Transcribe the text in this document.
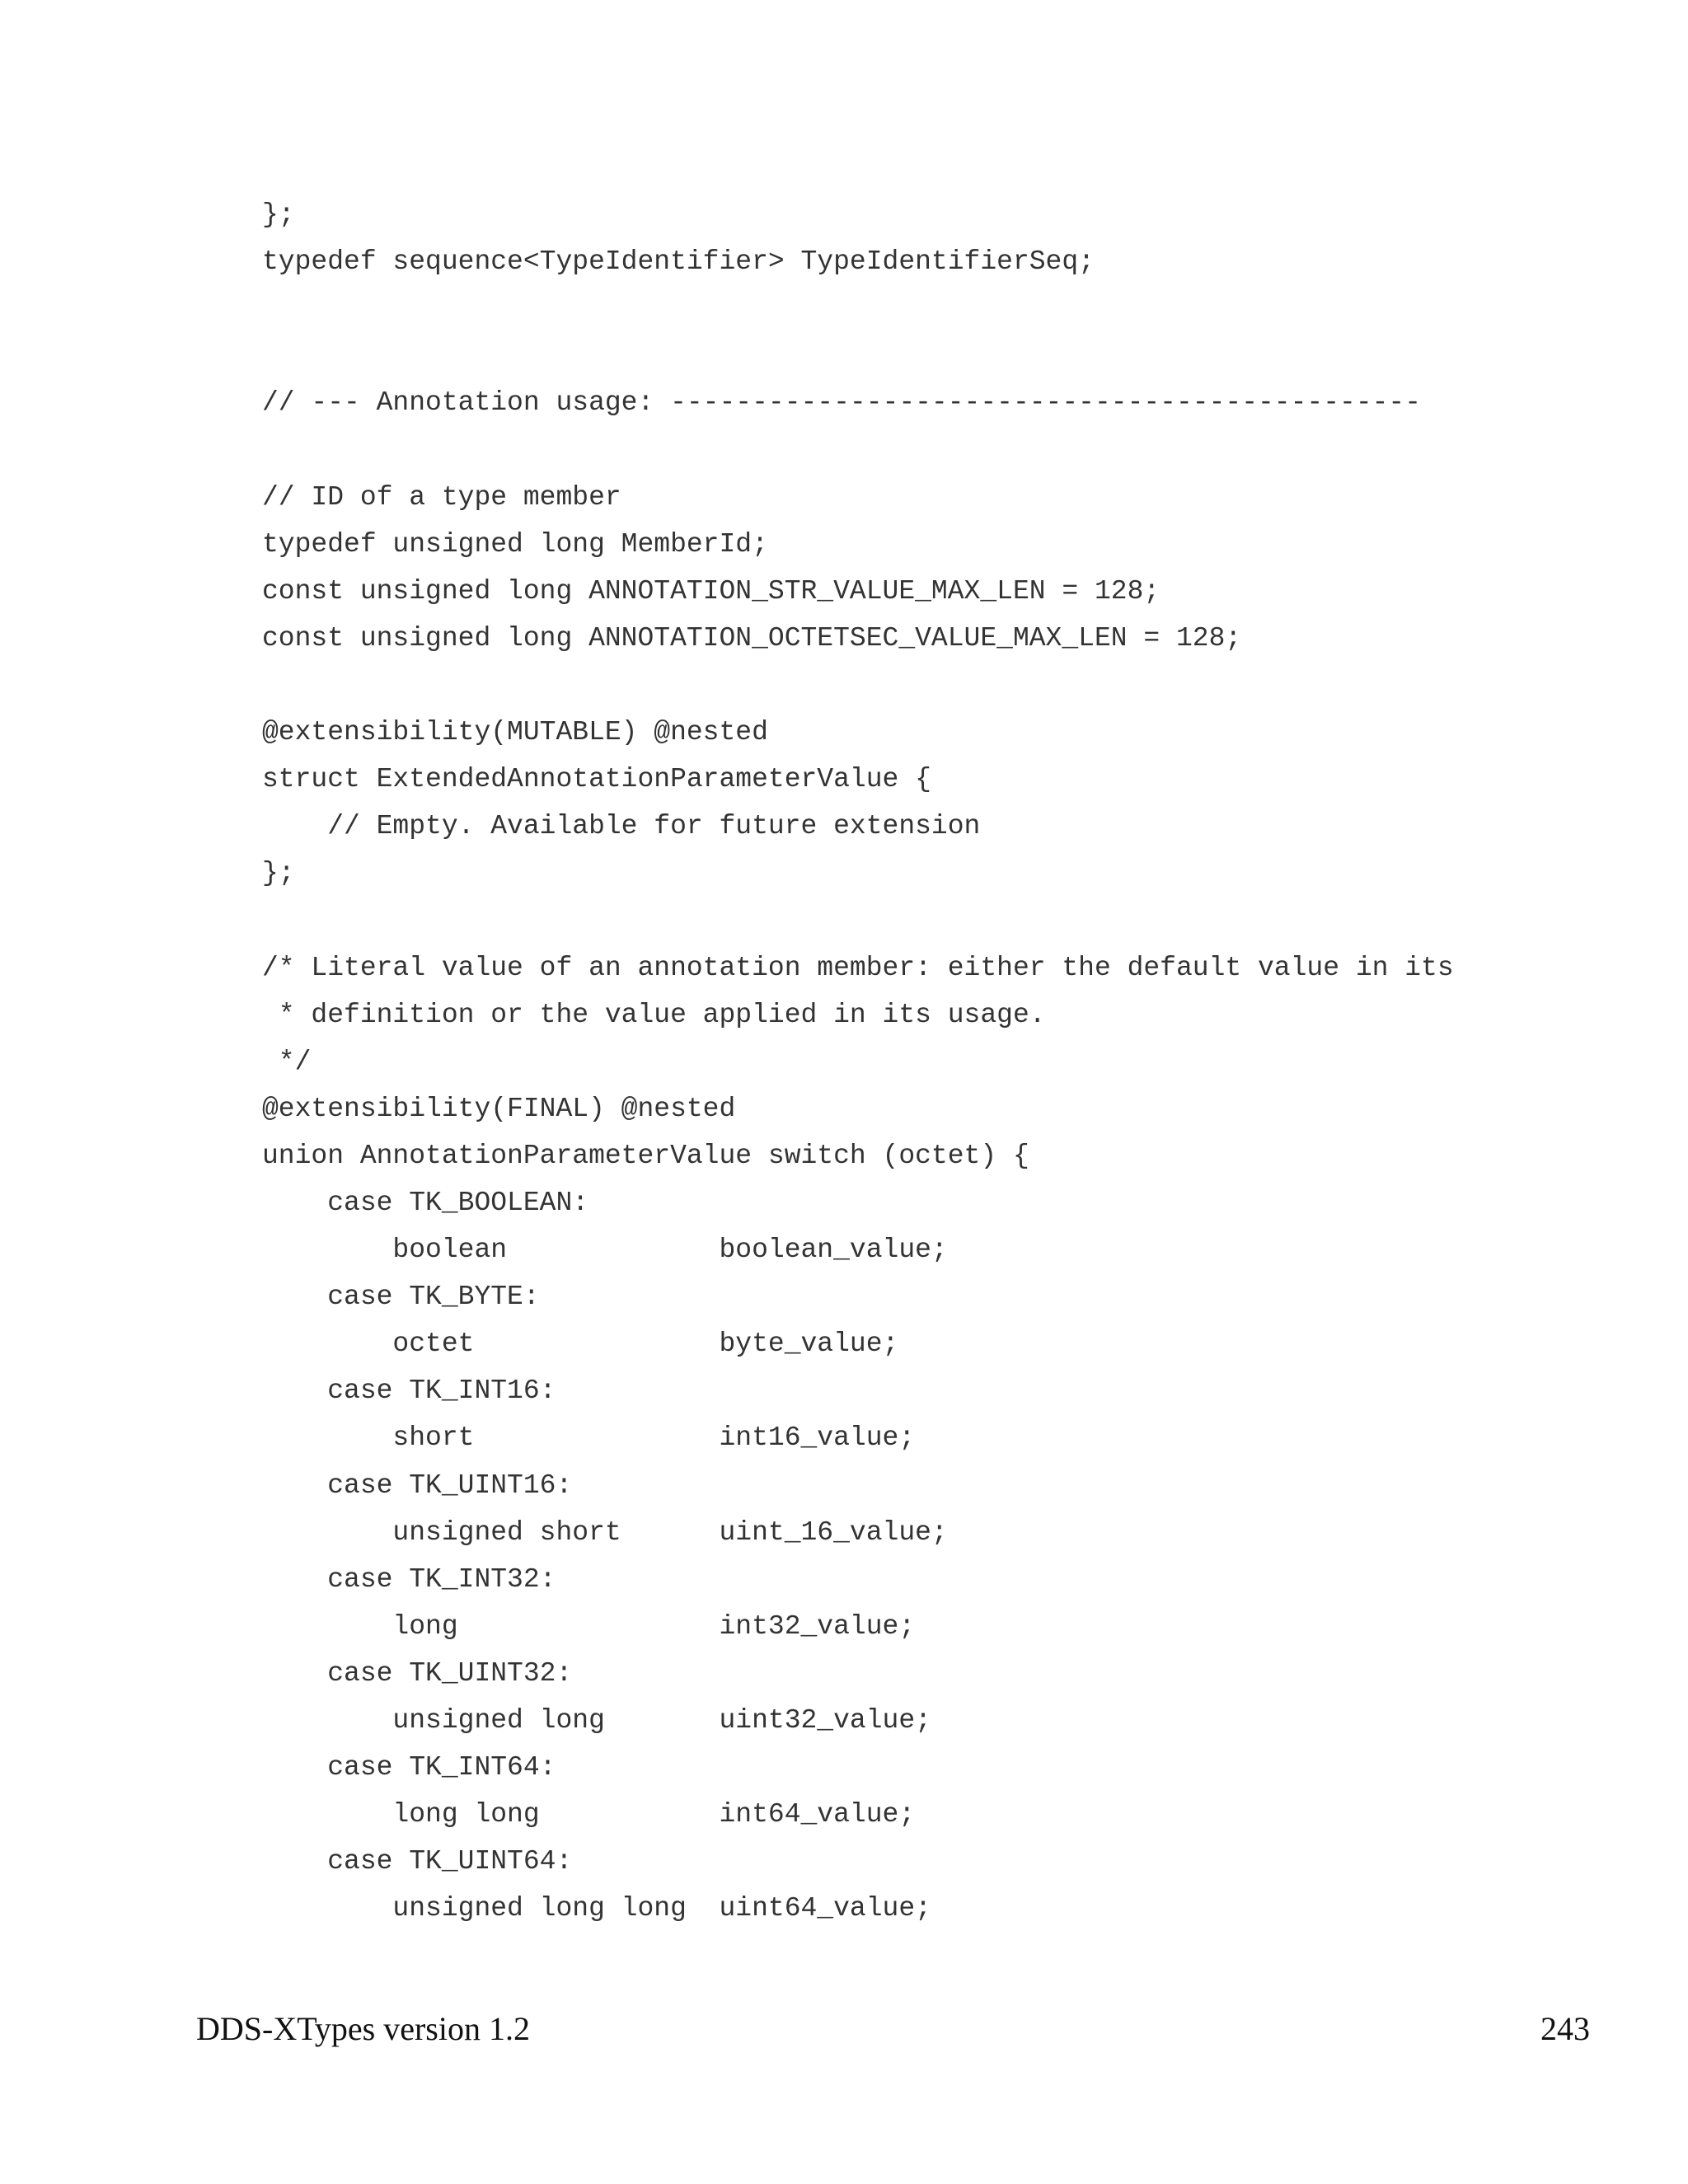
};
typedef sequence<TypeIdentifier> TypeIdentifierSeq;
// --- Annotation usage: ----------------------------------------------
// ID of a type member
typedef unsigned long MemberId;
const unsigned long ANNOTATION_STR_VALUE_MAX_LEN = 128;
const unsigned long ANNOTATION_OCTETSEC_VALUE_MAX_LEN = 128;
@extensibility(MUTABLE) @nested
struct ExtendedAnnotationParameterValue {
// Empty. Available for future extension
};
/* Literal value of an annotation member: either the default value in its
* definition or the value applied in its usage.
*/
@extensibility(FINAL) @nested
union AnnotationParameterValue switch (octet) {
case TK_BOOLEAN:
boolean             boolean_value;
case TK_BYTE:
octet               byte_value;
case TK_INT16:
short               int16_value;
case TK_UINT16:
unsigned short      uint_16_value;
case TK_INT32:
long                int32_value;
case TK_UINT32:
unsigned long       uint32_value;
case TK_INT64:
long long           int64_value;
case TK_UINT64:
unsigned long long  uint64_value;
DDS-XTypes version 1.2	243
